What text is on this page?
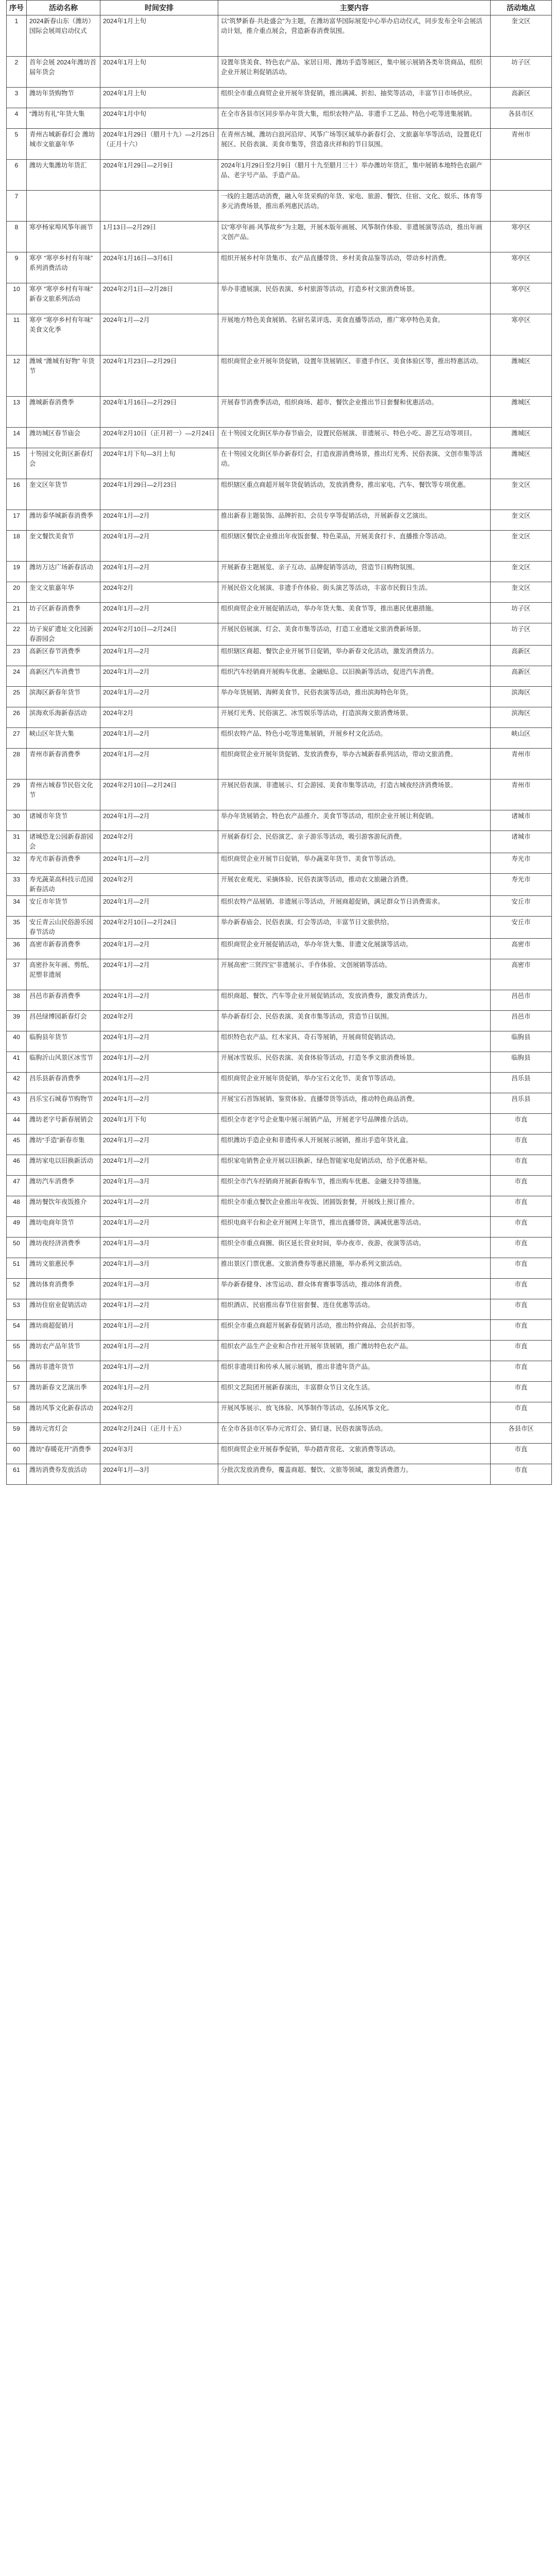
序号	活动名称	时间安排	主要内容	活动地点
1	2024新春山东（潍坊）国际会展周启动仪式	2024年1月上旬	以“筑梦新春·共赴盛会”为主题，在潍坊富华国际展览中心举办启动仪式，同步发布全年会展活动计划，推介重点展会，营造新春消费氛围。	奎文区
2	首年会展 2024年潍坊首届年货会	2024年1月上旬	设置年货美食、特色农产品、家居日用、潍坊手造等展区，集中展示展销各类年货商品，组织企业开展让利促销活动。	坊子区
3	潍坊年货购物节	2024年1月上旬	组织全市重点商贸企业开展年货促销，推出满减、折扣、抽奖等活动，丰富节日市场供应。	高新区
4	“潍坊有礼”年货大集	2024年1月中旬	在全市各县市区同步举办年货大集，组织农特产品、非遗手工艺品、特色小吃等进集展销。	各县市区
5	青州古城新春灯会 潍坊城市文旅嘉年华	2024年1月29日（腊月十九）—2月25日（正月十六）	在青州古城、潍坊白浪河沿岸、风筝广场等区域举办新春灯会、文旅嘉年华等活动，设置花灯展区、民俗表演、美食市集等，营造喜庆祥和的节日氛围。	青州市
6	潍坊大集潍坊年货汇	2024年1月29日—2月9日	2024年1月29日至2月9日（腊月十九至腊月三十）举办潍坊年货汇，集中展销本地特色农副产品、老字号产品、手造产品。	
7			一线的主题活动消费，融入年货采购的年货、家电、旅游、餐饮、住宿、文化、娱乐、体育等多元消费场景，推出系列惠民活动。	
8	寒亭杨家埠风筝年画节	1月13日—2月29日	以“寒亭年画·风筝故乡”为主题，开展木版年画展、风筝制作体验、非遗展演等活动，推出年画文创产品。	寒亭区
9	寒亭 “寒亭乡村有年味” 系列消费活动	2024年1月16日—3月6日	组织开展乡村年货集市、农产品直播带货、乡村美食品鉴等活动，带动乡村消费。	寒亭区
10	寒亭 “寒亭乡村有年味” 新春文旅系列活动	2024年2月1日—2月28日	举办非遗展演、民俗表演、乡村旅游等活动，打造乡村文旅消费场景。	寒亭区
11	寒亭 “寒亭乡村有年味” 美食文化季	2024年1月—2月	开展地方特色美食展销、名厨名菜评选、美食直播等活动，推广寒亭特色美食。	寒亭区
12	潍城 “潍城有好物” 年货节	2024年1月23日—2月29日	组织商贸企业开展年货促销，设置年货展销区、非遗手作区、美食体验区等，推出特惠活动。	潍城区
13	潍城新春消费季	2024年1月16日—2月29日	开展春节消费季活动，组织商场、超市、餐饮企业推出节日套餐和优惠活动。	潍城区
14	潍坊城区春节庙会	2024年2月10日（正月初一）—2月24日	在十笏园文化街区举办春节庙会，设置民俗展演、非遗展示、特色小吃、游艺互动等项目。	潍城区
15	十笏园文化街区新春灯会	2024年1月下旬—3月上旬	在十笏园文化街区举办新春灯会，打造夜游消费场景，推出灯光秀、民俗表演、文创市集等活动。	潍城区
16	奎文区年货节	2024年1月29日—2月23日	组织辖区重点商超开展年货促销活动，发放消费券，推出家电、汽车、餐饮等专项优惠。	奎文区
17	潍坊泰华城新春消费季	2024年1月—2月	推出新春主题装饰、品牌折扣、会员专享等促销活动，开展新春文艺演出。	奎文区
18	奎文餐饮美食节	2024年1月—2月	组织辖区餐饮企业推出年夜饭套餐、特色菜品，开展美食打卡、直播推介等活动。	奎文区
19	潍坊万达广场新春活动	2024年1月—2月	开展新春主题展览、亲子互动、品牌促销等活动，营造节日购物氛围。	奎文区
20	奎文文旅嘉年华	2024年2月	开展民俗文化展演、非遗手作体验、街头演艺等活动，丰富市民假日生活。	奎文区
21	坊子区新春消费季	2024年1月—2月	组织商贸企业开展促销活动，举办年货大集、美食节等，推出惠民优惠措施。	坊子区
22	坊子炭矿遗址文化园新春游园会	2024年2月10日—2月24日	开展民俗展演、灯会、美食市集等活动，打造工业遗址文旅消费新场景。	坊子区
23	高新区春节消费季	2024年1月—2月	组织辖区商超、餐饮企业开展节日促销，举办新春文化活动，激发消费活力。	高新区
24	高新区汽车消费节	2024年1月—2月	组织汽车经销商开展购车优惠、金融贴息、以旧换新等活动，促进汽车消费。	高新区
25	滨海区新春年货节	2024年1月—2月	举办年货展销、海鲜美食节、民俗表演等活动，推出滨海特色年货。	滨海区
26	滨海欢乐海新春活动	2024年2月	开展灯光秀、民俗演艺、冰雪娱乐等活动，打造滨海文旅消费场景。	滨海区
27	峡山区年货大集	2024年1月—2月	组织农特产品、特色小吃等进集展销，开展乡村文化活动。	峡山区
28	青州市新春消费季	2024年1月—2月	组织商贸企业开展年货促销、发放消费券，举办古城新春系列活动，带动文旅消费。	青州市
29	青州古城春节民俗文化节	2024年2月10日—2月24日	开展民俗表演、非遗展示、灯会游园、美食市集等活动，打造古城夜经济消费场景。	青州市
30	诸城市年货节	2024年1月—2月	举办年货展销会、特色农产品推介、美食节等活动，组织企业开展让利促销。	诸城市
31	诸城恐龙公园新春游园会	2024年2月	开展新春灯会、民俗演艺、亲子游乐等活动，吸引游客游玩消费。	诸城市
32	寿光市新春消费季	2024年1月—2月	组织商贸企业开展节日促销，举办蔬菜年货节、美食节等活动。	寿光市
33	寿光蔬菜高科技示范园新春活动	2024年2月	开展农业观光、采摘体验、民俗表演等活动，推动农文旅融合消费。	寿光市
34	安丘市年货节	2024年1月—2月	组织农特产品展销、非遗展示等活动，开展商超促销，满足群众节日消费需求。	安丘市
35	安丘青云山民俗游乐园春节活动	2024年2月10日—2月24日	举办新春庙会、民俗表演、灯会等活动，丰富节日文旅供给。	安丘市
36	高密市新春消费季	2024年1月—2月	组织商贸企业开展促销活动，举办年货大集、非遗文化展演等活动。	高密市
37	高密扑灰年画、剪纸、泥塑非遗展	2024年1月—2月	开展高密“三贤四宝”非遗展示、手作体验、文创展销等活动。	高密市
38	昌邑市新春消费季	2024年1月—2月	组织商超、餐饮、汽车等企业开展促销活动，发放消费券，激发消费活力。	昌邑市
39	昌邑绿博园新春灯会	2024年2月	举办新春灯会、民俗表演、美食市集等活动，营造节日氛围。	昌邑市
40	临朐县年货节	2024年1月—2月	组织特色农产品、红木家具、奇石等展销，开展商贸促销活动。	临朐县
41	临朐沂山风景区冰雪节	2024年1月—2月	开展冰雪娱乐、民俗表演、美食体验等活动，打造冬季文旅消费场景。	临朐县
42	昌乐县新春消费季	2024年1月—2月	组织商贸企业开展年货促销，举办宝石文化节、美食节等活动。	昌乐县
43	昌乐宝石城春节购物节	2024年1月—2月	开展宝石首饰展销、鉴赏体验、直播带货等活动，推动特色商品消费。	昌乐县
44	潍坊老字号新春展销会	2024年1月下旬	组织全市老字号企业集中展示展销产品，开展老字号品牌推介活动。	市直
45	潍坊“手造”新春市集	2024年1月—2月	组织潍坊手造企业和非遗传承人开展展示展销，推出手造年货礼盒。	市直
46	潍坊家电以旧换新活动	2024年1月—2月	组织家电销售企业开展以旧换新、绿色智能家电促销活动，给予优惠补贴。	市直
47	潍坊汽车消费季	2024年1月—3月	组织全市汽车经销商开展新春购车节，推出购车优惠、金融支持等措施。	市直
48	潍坊餐饮年夜饭推介	2024年1月—2月	组织全市重点餐饮企业推出年夜饭、团圆饭套餐，开展线上预订推介。	市直
49	潍坊电商年货节	2024年1月—2月	组织电商平台和企业开展网上年货节，推出直播带货、满减优惠等活动。	市直
50	潍坊夜经济消费季	2024年1月—3月	组织全市重点商圈、街区延长营业时间，举办夜市、夜游、夜演等活动。	市直
51	潍坊文旅惠民季	2024年1月—3月	推出景区门票优惠、文旅消费券等惠民措施，举办系列文旅活动。	市直
52	潍坊体育消费季	2024年1月—3月	举办新春健身、冰雪运动、群众体育赛事等活动，推动体育消费。	市直
53	潍坊住宿业促销活动	2024年1月—2月	组织酒店、民宿推出春节住宿套餐、连住优惠等活动。	市直
54	潍坊商超促销月	2024年1月—2月	组织全市重点商超开展新春促销月活动，推出特价商品、会员折扣等。	市直
55	潍坊农产品年货节	2024年1月—2月	组织农产品生产企业和合作社开展年货展销，推广潍坊特色农产品。	市直
56	潍坊非遗年货节	2024年1月—2月	组织非遗项目和传承人展示展销，推出非遗年货产品。	市直
57	潍坊新春文艺演出季	2024年1月—2月	组织文艺院团开展新春演出，丰富群众节日文化生活。	市直
58	潍坊风筝文化新春活动	2024年2月	开展风筝展示、放飞体验、风筝制作等活动，弘扬风筝文化。	市直
59	潍坊元宵灯会	2024年2月24日（正月十五）	在全市各县市区举办元宵灯会、猜灯谜、民俗表演等活动。	各县市区
60	潍坊“春暖花开”消费季	2024年3月	组织商贸企业开展春季促销，举办踏青赏花、文旅消费等活动。	市直
61	潍坊消费券发放活动	2024年1月—3月	分批次发放消费券，覆盖商超、餐饮、文旅等领域，激发消费潜力。	市直
